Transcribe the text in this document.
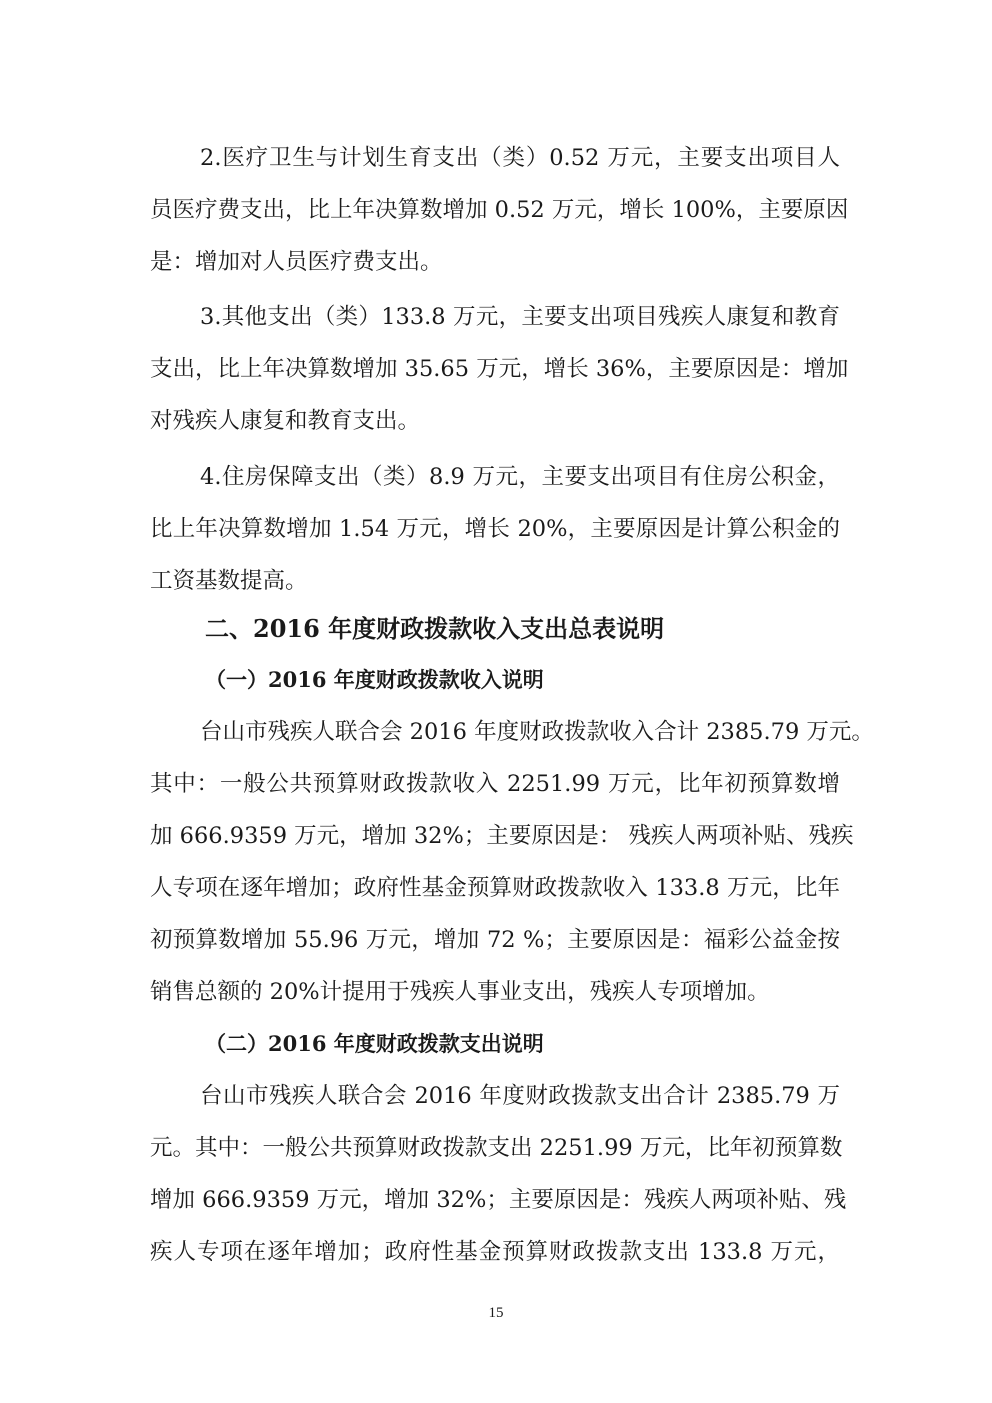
2.医疗卫生与计划生育支出（类）0.52 万元，主要支出项目人
员医疗费支出，比上年决算数增加 0.52 万元，增长 100%，主要原因
是：增加对人员医疗费支出。
3.其他支出（类）133.8 万元，主要支出项目残疾人康复和教育
支出，比上年决算数增加 35.65 万元，增长 36%，主要原因是：增加
对残疾人康复和教育支出。
4.住房保障支出（类）8.9 万元，主要支出项目有住房公积金，
比上年决算数增加 1.54 万元，增长 20%，主要原因是计算公积金的
工资基数提高。
二、2016 年度财政拨款收入支出总表说明
（一）2016 年度财政拨款收入说明
台山市残疾人联合会 2016 年度财政拨款收入合计 2385.79 万元。
其中：一般公共预算财政拨款收入 2251.99 万元，比年初预算数增
加 666.9359 万元，增加 32%；主要原因是： 残疾人两项补贴、残疾
人专项在逐年增加；政府性基金预算财政拨款收入 133.8 万元，比年
初预算数增加 55.96 万元，增加 72 %；主要原因是：福彩公益金按
销售总额的 20%计提用于残疾人事业支出，残疾人专项增加。
（二）2016 年度财政拨款支出说明
台山市残疾人联合会 2016 年度财政拨款支出合计 2385.79 万
元。其中：一般公共预算财政拨款支出 2251.99 万元，比年初预算数
增加 666.9359 万元，增加 32%；主要原因是：残疾人两项补贴、残
疾人专项在逐年增加；政府性基金预算财政拨款支出 133.8 万元，
15
